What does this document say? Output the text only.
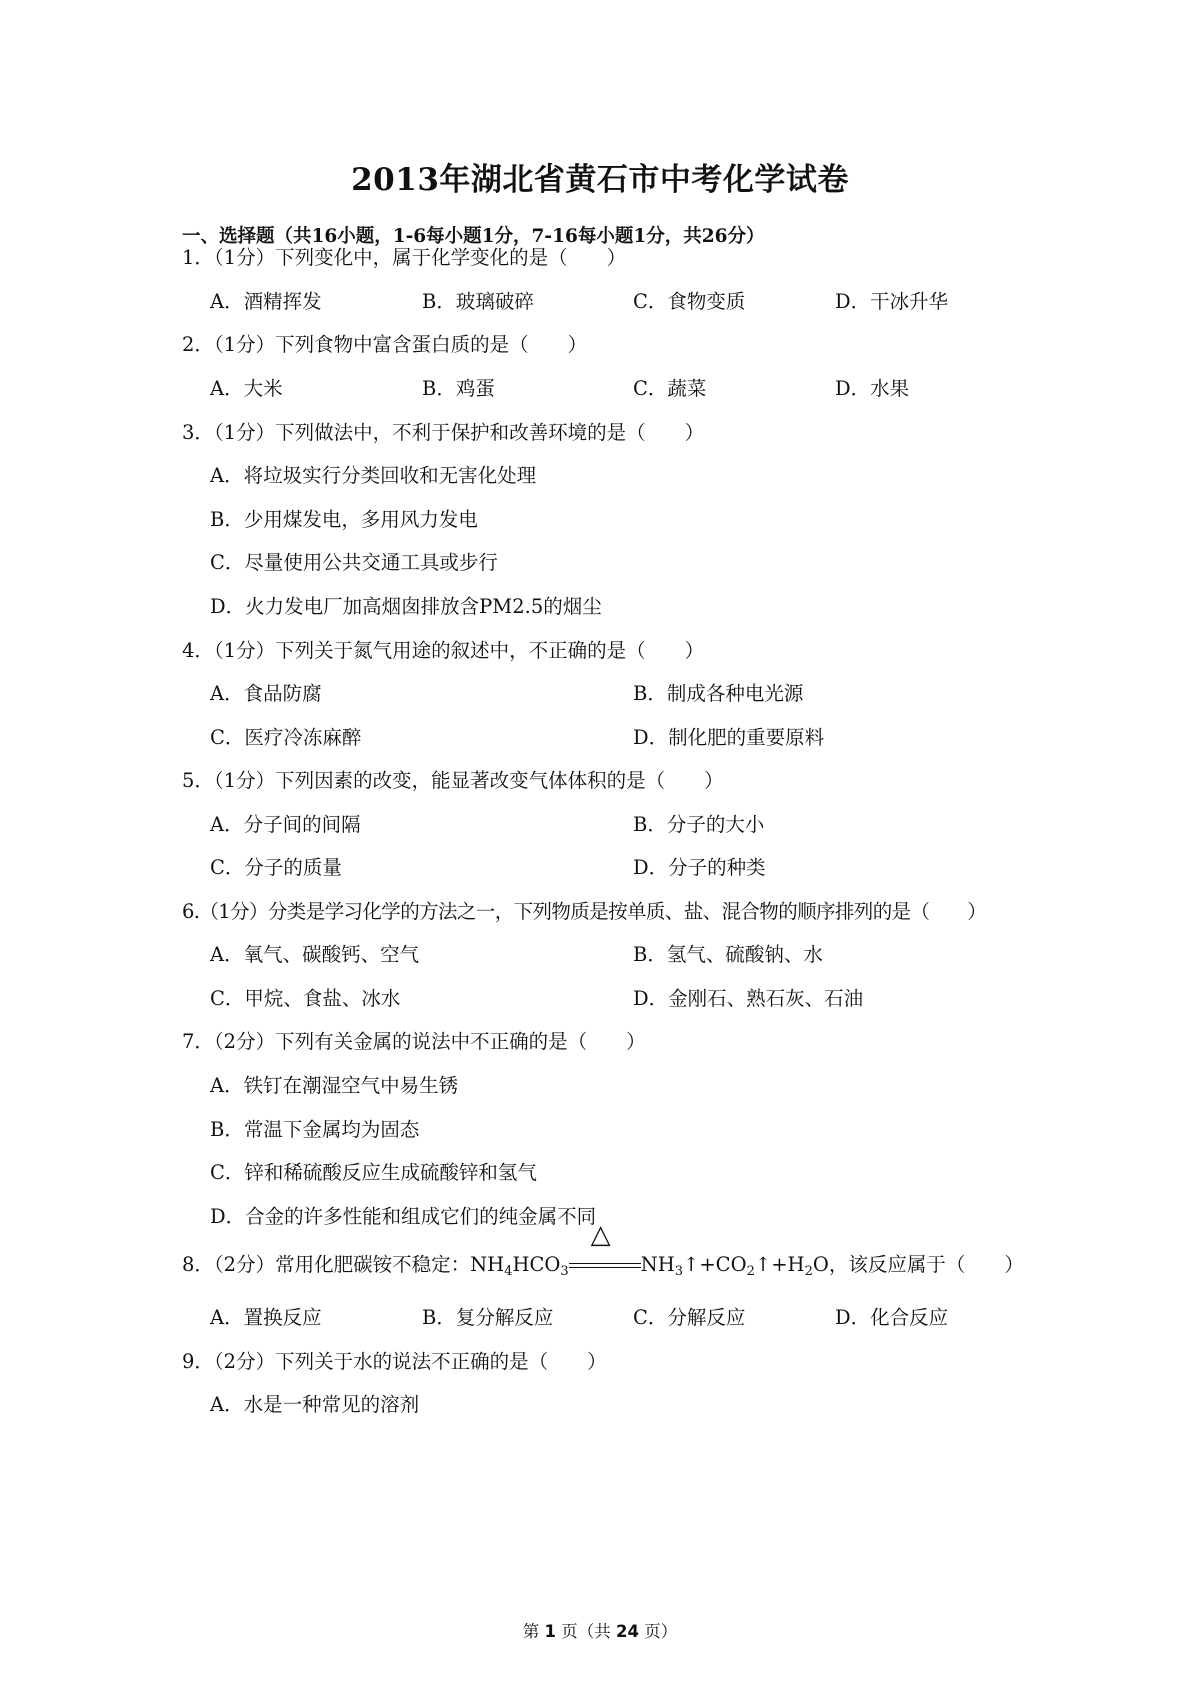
2013年湖北省黄石市中考化学试卷
一、选择题（共16小题，1-6每小题1分，7-16每小题1分，共26分）
1．（1分）下列变化中，属于化学变化的是（　　）
A．酒精挥发	B．玻璃破碎	C．食物变质	D．干冰升华
2．（1分）下列食物中富含蛋白质的是（　　）
A．大米	B．鸡蛋	C．蔬菜	D．水果
3．（1分）下列做法中，不利于保护和改善环境的是（　　）
A．将垃圾实行分类回收和无害化处理
B．少用煤发电，多用风力发电
C．尽量使用公共交通工具或步行
D．火力发电厂加高烟囱排放含PM2.5的烟尘
4．（1分）下列关于氮气用途的叙述中，不正确的是（　　）
A．食品防腐	B．制成各种电光源
C．医疗冷冻麻醉	D．制化肥的重要原料
5．（1分）下列因素的改变，能显著改变气体体积的是（　　）
A．分子间的间隔	B．分子的大小
C．分子的质量	D．分子的种类
6.（1分）分类是学习化学的方法之一，下列物质是按单质、盐、混合物的顺序排列的是（　　）
A．氧气、碳酸钙、空气	B．氢气、硫酸钠、水
C．甲烷、食盐、冰水	D．金刚石、熟石灰、石油
7．（2分）下列有关金属的说法中不正确的是（　　）
A．铁钉在潮湿空气中易生锈
B．常温下金属均为固态
C．锌和稀硫酸反应生成硫酸锌和氢气
D．合金的许多性能和组成它们的纯金属不同
8．（2分）常用化肥碳铵不稳定：$NH_4HCO_3$
△
$NH_3↑+CO_2↑+H_2O$，该反应属于（　　）
A．置换反应	B．复分解反应	C．分解反应	D．化合反应
9．（2分）下列关于水的说法不正确的是（　　）
A．水是一种常见的溶剂
第 1 页（共 24 页）
